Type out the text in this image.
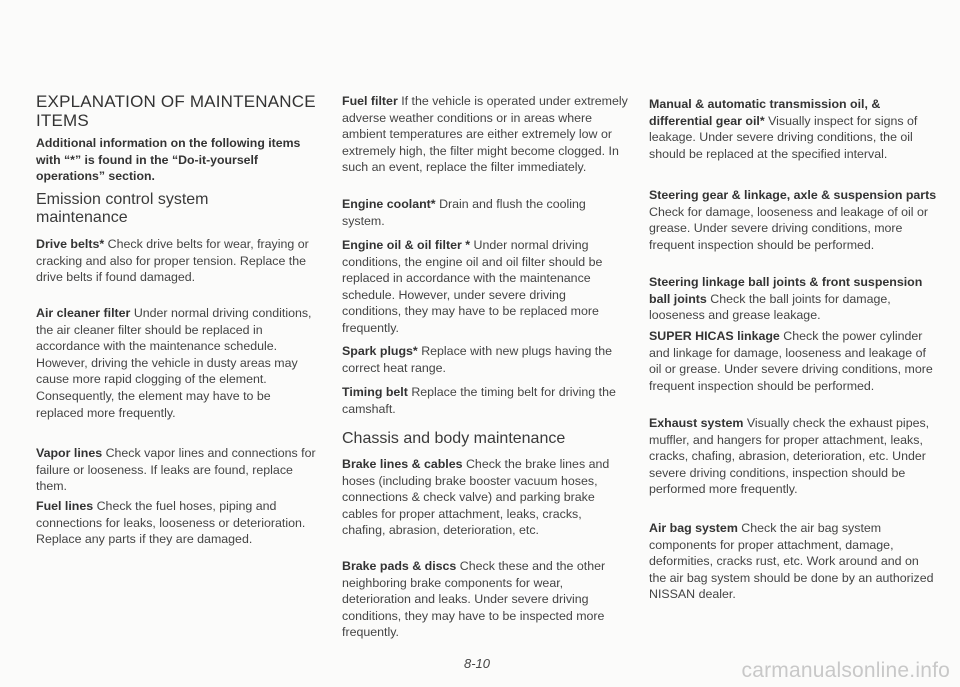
EXPLANATION OF MAINTENANCE ITEMS

Additional information on the following items with “*” is found in the “Do-it-yourself operations” section.

Emission control system maintenance

Drive belts* Check drive belts for wear, fraying or cracking and also for proper tension. Replace the drive belts if found damaged.

Air cleaner filter Under normal driving conditions, the air cleaner filter should be replaced in accordance with the maintenance schedule. However, driving the vehicle in dusty areas may cause more rapid clogging of the element. Consequently, the element may have to be replaced more frequently.

Vapor lines Check vapor lines and connections for failure or looseness. If leaks are found, replace them.

Fuel lines Check the fuel hoses, piping and connections for leaks, looseness or deterioration. Replace any parts if they are damaged.

Fuel filter If the vehicle is operated under extremely adverse weather conditions or in areas where ambient temperatures are either extremely low or extremely high, the filter might become clogged. In such an event, replace the filter immediately.

Engine coolant* Drain and flush the cooling system.

Engine oil & oil filter * Under normal driving conditions, the engine oil and oil filter should be replaced in accordance with the maintenance schedule. However, under severe driving conditions, they may have to be replaced more frequently.

Spark plugs* Replace with new plugs having the correct heat range.

Timing belt Replace the timing belt for driving the camshaft.

Chassis and body maintenance

Brake lines & cables Check the brake lines and hoses (including brake booster vacuum hoses, connections & check valve) and parking brake cables for proper attachment, leaks, cracks, chafing, abrasion, deterioration, etc.

Brake pads & discs Check these and the other neighboring brake components for wear, deterioration and leaks. Under severe driving conditions, they may have to be inspected more frequently.

Manual & automatic transmission oil, & differential gear oil* Visually inspect for signs of leakage. Under severe driving conditions, the oil should be replaced at the specified interval.

Steering gear & linkage, axle & suspension parts Check for damage, looseness and leakage of oil or grease. Under severe driving conditions, more frequent inspection should be performed.

Steering linkage ball joints & front suspension ball joints Check the ball joints for damage, looseness and grease leakage.

SUPER HICAS linkage Check the power cylinder and linkage for damage, looseness and leakage of oil or grease. Under severe driving conditions, more frequent inspection should be performed.

Exhaust system Visually check the exhaust pipes, muffler, and hangers for proper attachment, leaks, cracks, chafing, abrasion, deterioration, etc. Under severe driving conditions, inspection should be performed more frequently.

Air bag system Check the air bag system components for proper attachment, damage, deformities, cracks rust, etc. Work around and on the air bag system should be done by an authorized NISSAN dealer.

8-10	carmanualsonline.info
